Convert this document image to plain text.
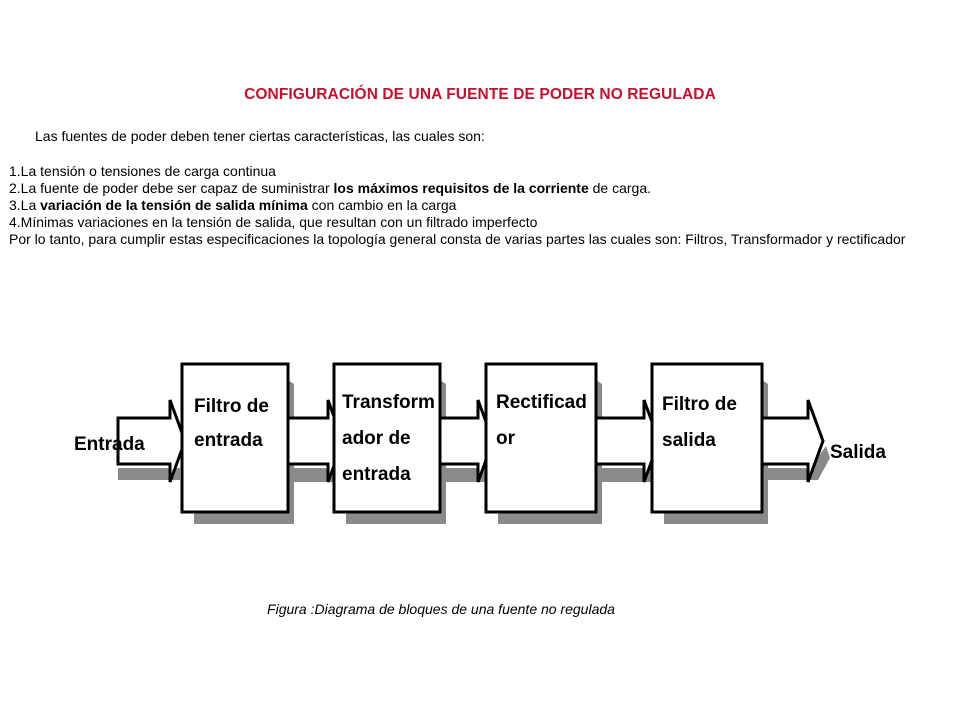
CONFIGURACIÓN DE UNA FUENTE DE PODER NO REGULADA
Las fuentes de poder deben tener ciertas características, las cuales son:
1.La tensión o tensiones de carga continua
2.La fuente de poder debe ser capaz de suministrar los máximos requisitos de la corriente de carga.
3.La variación de la tensión de salida mínima con cambio en la carga
4.Mínimas variaciones en la tensión de salida, que resultan con un filtrado imperfecto
Por lo tanto, para cumplir estas especificaciones la topología general consta de varias partes las cuales son: Filtros, Transformador y rectificador
Entrada	Salida
Filtro de
entrada
Transform
ador de
entrada
Rectificad
or
Filtro de
salida
Figura :Diagrama de bloques de una fuente no regulada
